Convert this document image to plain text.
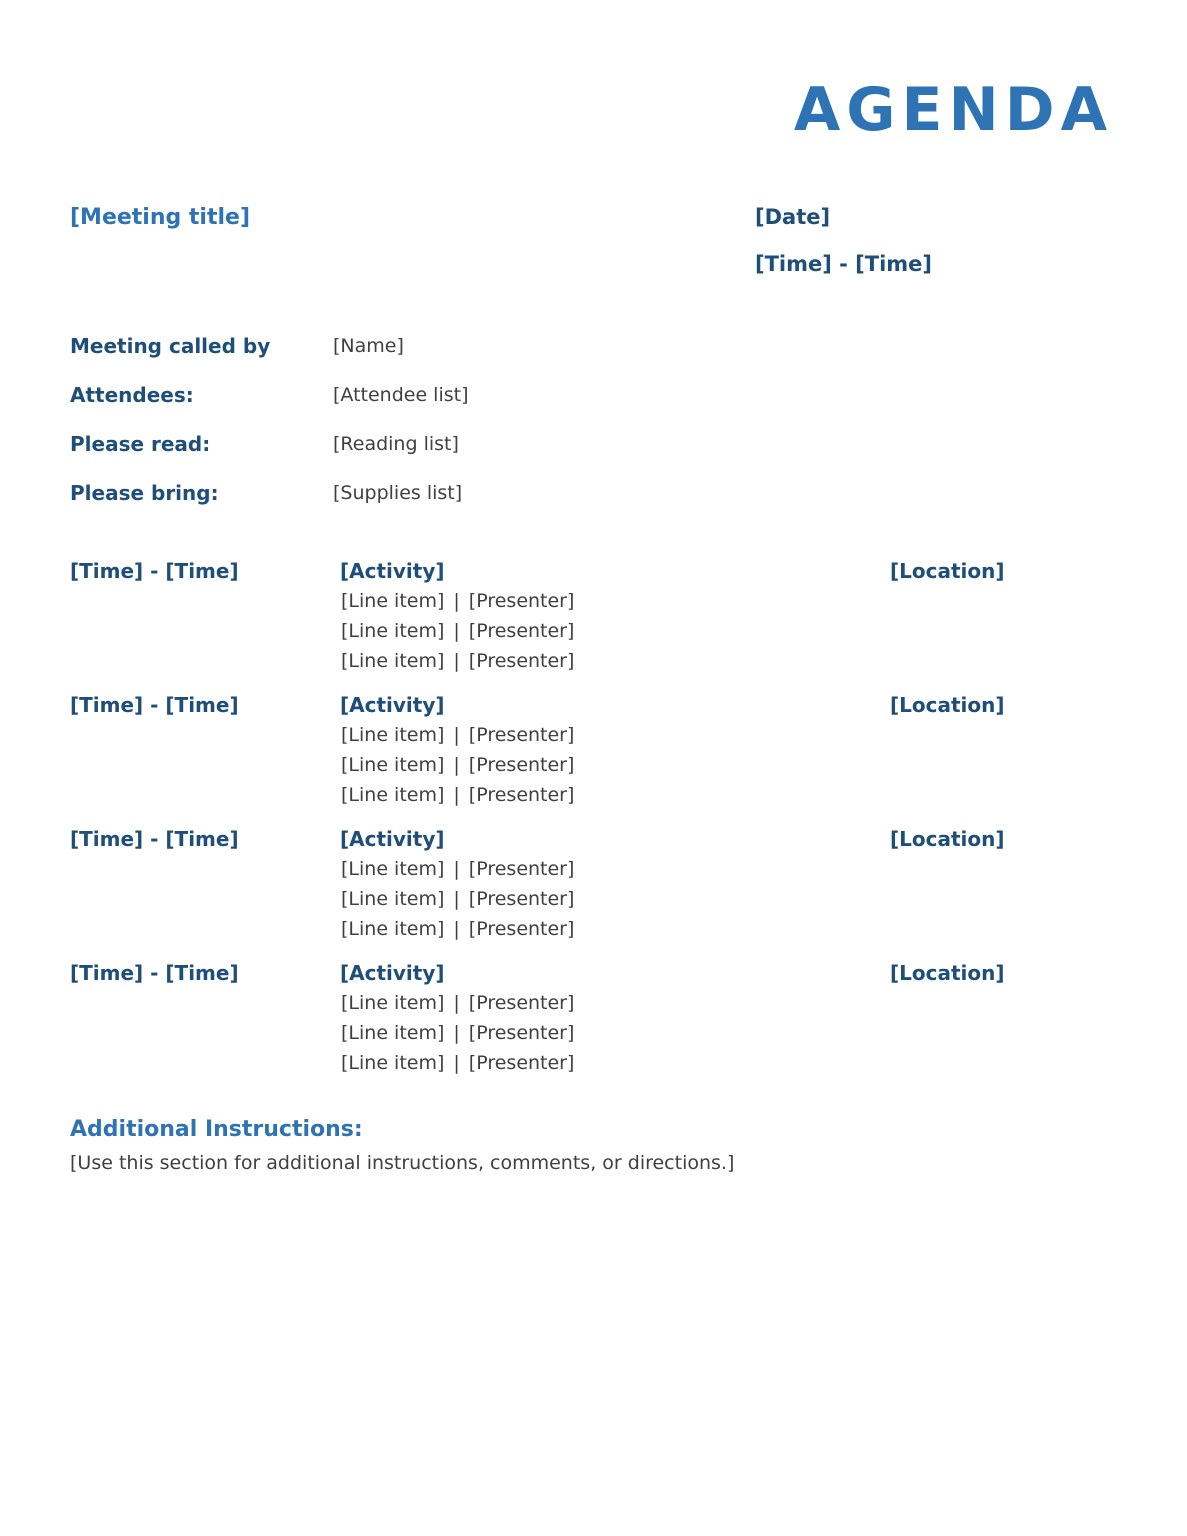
AGENDA
[Meeting title]	[Date]
[Time] - [Time]
Meeting called by	[Name]
Attendees:	[Attendee list]
Please read:	[Reading list]
Please bring:	[Supplies list]
[Time] - [Time]	[Activity]	[Location]
[Line item] | [Presenter]
[Line item] | [Presenter]
[Line item] | [Presenter]
[Time] - [Time]	[Activity]	[Location]
[Line item] | [Presenter]
[Line item] | [Presenter]
[Line item] | [Presenter]
[Time] - [Time]	[Activity]	[Location]
[Line item] | [Presenter]
[Line item] | [Presenter]
[Line item] | [Presenter]
[Time] - [Time]	[Activity]	[Location]
[Line item] | [Presenter]
[Line item] | [Presenter]
[Line item] | [Presenter]
Additional Instructions:
[Use this section for additional instructions, comments, or directions.]
